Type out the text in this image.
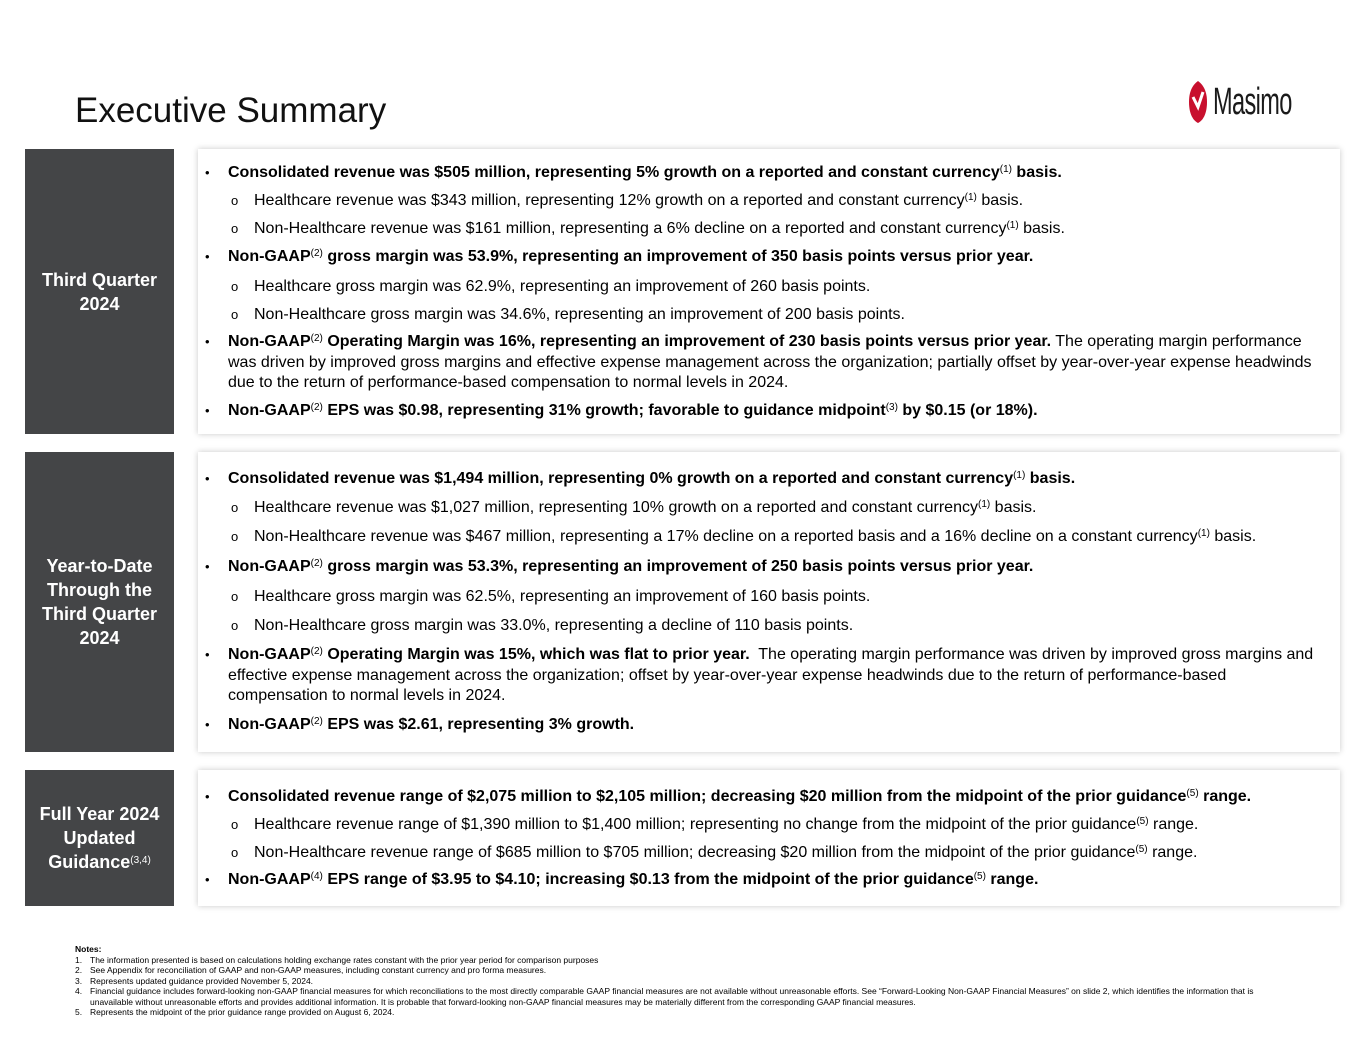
Executive Summary	Masimo
Third Quarter 2024
• Consolidated revenue was $505 million, representing 5% growth on a reported and constant currency$^{(1)}$ basis.
o Healthcare revenue was $343 million, representing 12% growth on a reported and constant currency$^{(1)}$ basis.
o Non-Healthcare revenue was $161 million, representing a 6% decline on a reported and constant currency$^{(1)}$ basis.
• Non-GAAP$^{(2)}$ gross margin was 53.9%, representing an improvement of 350 basis points versus prior year.
o Healthcare gross margin was 62.9%, representing an improvement of 260 basis points.
o Non-Healthcare gross margin was 34.6%, representing an improvement of 200 basis points.
• Non-GAAP$^{(2)}$ Operating Margin was 16%, representing an improvement of 230 basis points versus prior year. The operating margin performance was driven by improved gross margins and effective expense management across the organization; partially offset by year-over-year expense headwinds due to the return of performance-based compensation to normal levels in 2024.
• Non-GAAP$^{(2)}$ EPS was $0.98, representing 31% growth; favorable to guidance midpoint$^{(3)}$ by $0.15 (or 18%).
Year-to-Date Through the Third Quarter 2024
• Consolidated revenue was $1,494 million, representing 0% growth on a reported and constant currency$^{(1)}$ basis.
o Healthcare revenue was $1,027 million, representing 10% growth on a reported and constant currency$^{(1)}$ basis.
o Non-Healthcare revenue was $467 million, representing a 17% decline on a reported basis and a 16% decline on a constant currency$^{(1)}$ basis.
• Non-GAAP$^{(2)}$ gross margin was 53.3%, representing an improvement of 250 basis points versus prior year.
o Healthcare gross margin was 62.5%, representing an improvement of 160 basis points.
o Non-Healthcare gross margin was 33.0%, representing a decline of 110 basis points.
• Non-GAAP$^{(2)}$ Operating Margin was 15%, which was flat to prior year.  The operating margin performance was driven by improved gross margins and effective expense management across the organization; offset by year-over-year expense headwinds due to the return of performance-based compensation to normal levels in 2024.
• Non-GAAP$^{(2)}$ EPS was $2.61, representing 3% growth.
Full Year 2024 Updated Guidance$^{(3,4)}$
• Consolidated revenue range of $2,075 million to $2,105 million; decreasing $20 million from the midpoint of the prior guidance$^{(5)}$ range.
o Healthcare revenue range of $1,390 million to $1,400 million; representing no change from the midpoint of the prior guidance$^{(5)}$ range.
o Non-Healthcare revenue range of $685 million to $705 million; decreasing $20 million from the midpoint of the prior guidance$^{(5)}$ range.
• Non-GAAP$^{(4)}$ EPS range of $3.95 to $4.10; increasing $0.13 from the midpoint of the prior guidance$^{(5)}$ range.
Notes:
1. The information presented is based on calculations holding exchange rates constant with the prior year period for comparison purposes
2. See Appendix for reconciliation of GAAP and non-GAAP measures, including constant currency and pro forma measures.
3. Represents updated guidance provided November 5, 2024.
4. Financial guidance includes forward-looking non-GAAP financial measures for which reconciliations to the most directly comparable GAAP financial measures are not available without unreasonable efforts. See “Forward-Looking Non-GAAP Financial Measures” on slide 2, which identifies the information that is unavailable without unreasonable efforts and provides additional information. It is probable that forward-looking non-GAAP financial measures may be materially different from the corresponding GAAP financial measures.
5. Represents the midpoint of the prior guidance range provided on August 6, 2024.
